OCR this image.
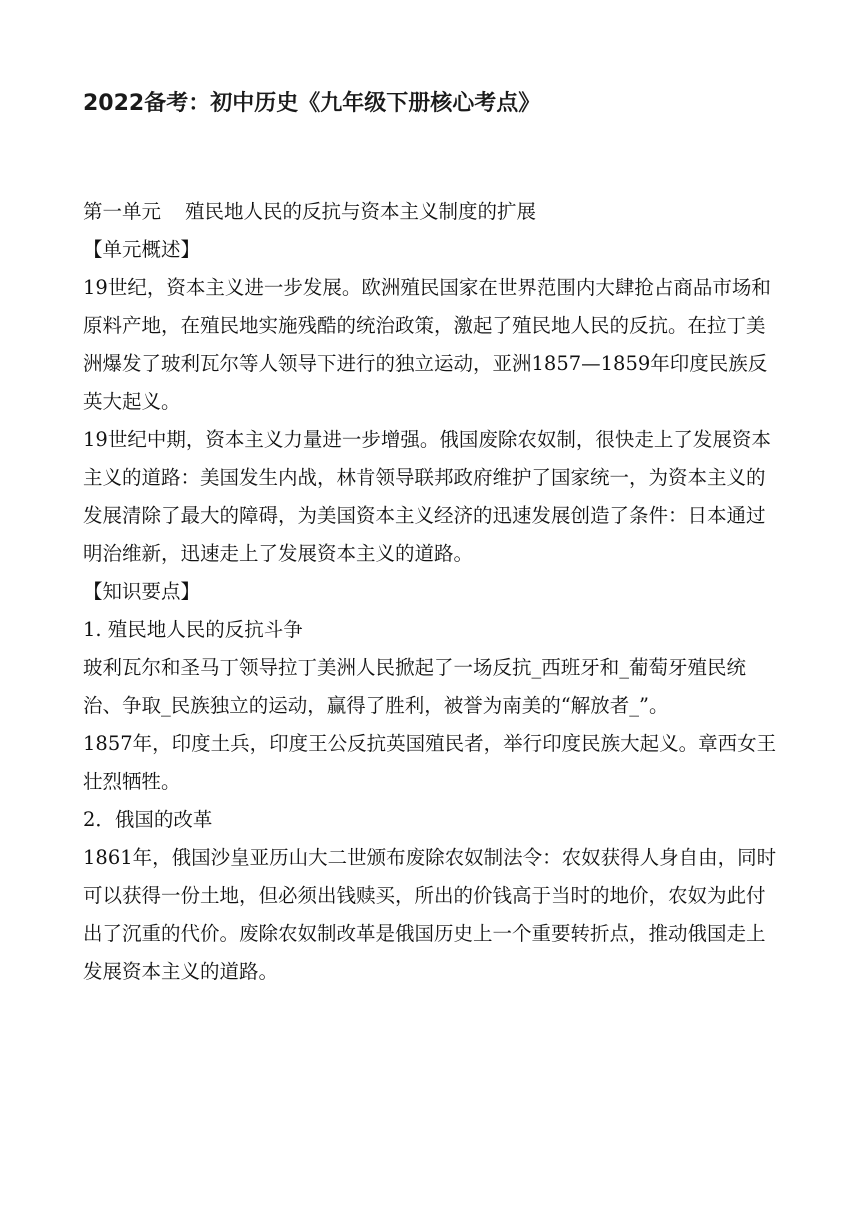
2022备考：初中历史《九年级下册核心考点》

第一单元 殖民地人民的反抗与资本主义制度的扩展

【单元概述】

19世纪，资本主义进一步发展。欧洲殖民国家在世界范围内大肆抢占商品市场和原料产地，在殖民地实施残酷的统治政策，激起了殖民地人民的反抗。在拉丁美洲爆发了玻利瓦尔等人领导下进行的独立运动，亚洲1857—1859年印度民族反英大起义。

19世纪中期，资本主义力量进一步增强。俄国废除农奴制，很快走上了发展资本主义的道路：美国发生内战，林肯领导联邦政府维护了国家统一，为资本主义的发展清除了最大的障碍，为美国资本主义经济的迅速发展创造了条件：日本通过明治维新，迅速走上了发展资本主义的道路。

【知识要点】

1. 殖民地人民的反抗斗争

玻利瓦尔和圣马丁领导拉丁美洲人民掀起了一场反抗_西班牙和_葡萄牙殖民统治、争取_民族独立的运动，赢得了胜利，被誉为南美的“解放者_”。

1857年，印度土兵，印度王公反抗英国殖民者，举行印度民族大起义。章西女王壮烈牺牲。

2．俄国的改革

1861年，俄国沙皇亚历山大二世颁布废除农奴制法令：农奴获得人身自由，同时可以获得一份土地，但必须出钱赎买，所出的价钱高于当时的地价，农奴为此付出了沉重的代价。废除农奴制改革是俄国历史上一个重要转折点，推动俄国走上发展资本主义的道路。
